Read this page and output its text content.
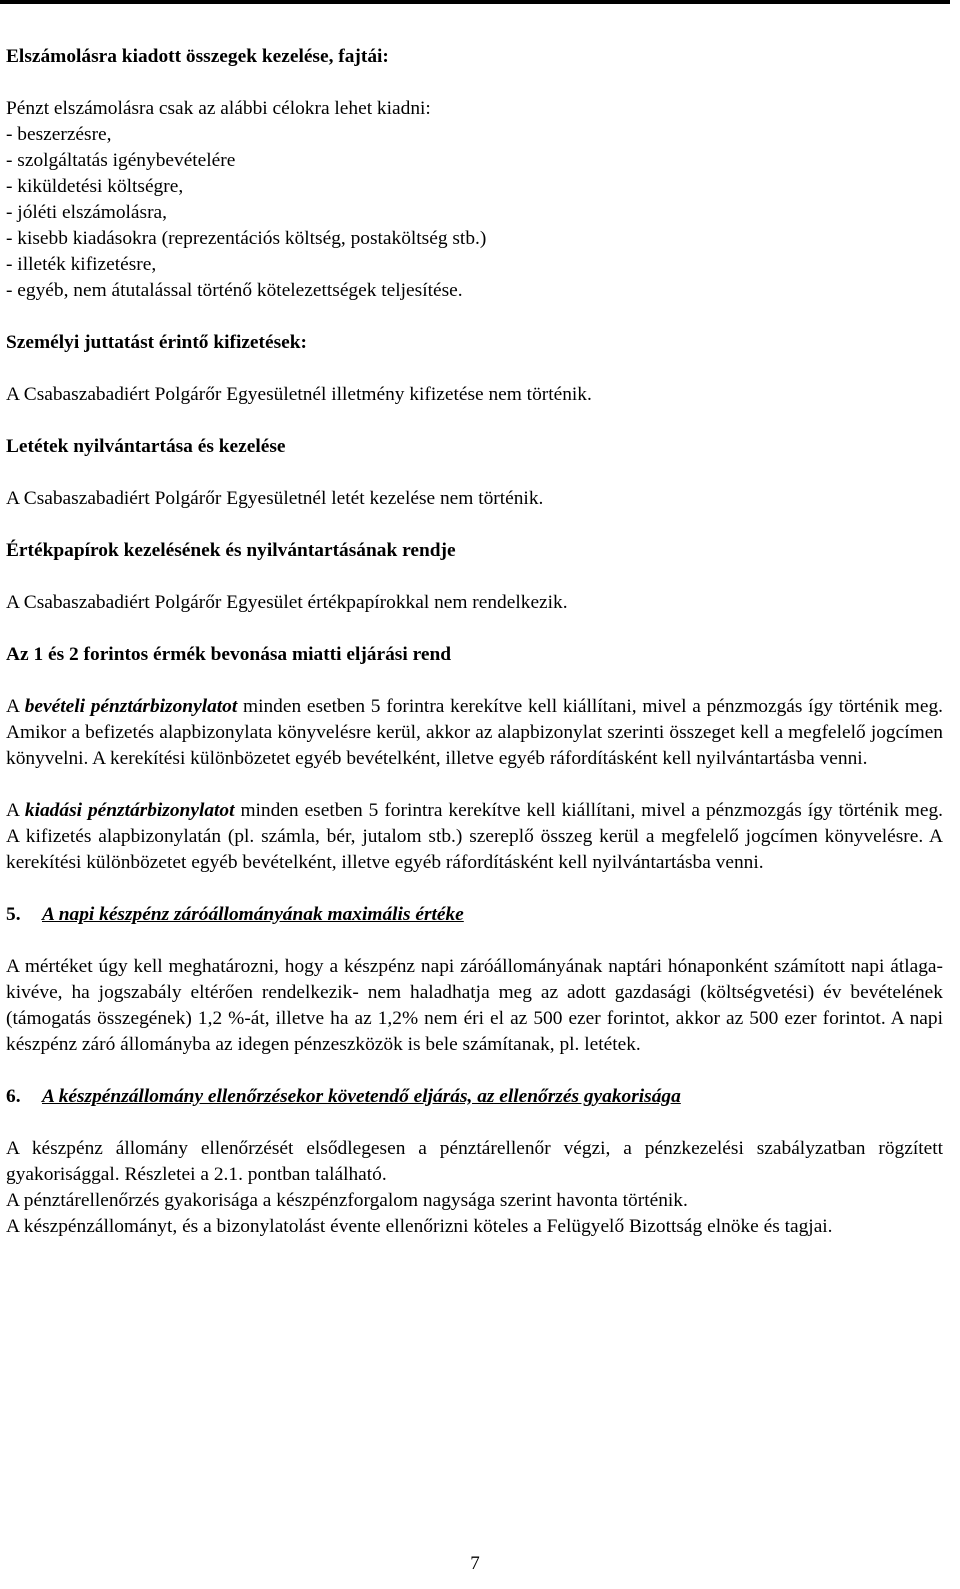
Elszámolásra kiadott összegek kezelése, fajtái:

Pénzt elszámolásra csak az alábbi célokra lehet kiadni:

- beszerzésre,

- szolgáltatás igénybevételére

- kiküldetési költségre,

- jóléti elszámolásra,

- kisebb kiadásokra (reprezentációs költség, postaköltség stb.)

- illeték kifizetésre,

- egyéb, nem átutalással történő kötelezettségek teljesítése.

Személyi juttatást érintő kifizetések:

A Csabaszabadiért Polgárőr Egyesületnél illetmény kifizetése nem történik.

Letétek nyilvántartása és kezelése

A Csabaszabadiért Polgárőr Egyesületnél letét kezelése nem történik.

Értékpapírok kezelésének és nyilvántartásának rendje

A Csabaszabadiért Polgárőr Egyesület értékpapírokkal nem rendelkezik.

Az 1 és 2 forintos érmék bevonása miatti eljárási rend

A bevételi pénztárbizonylatot minden esetben 5 forintra kerekítve kell kiállítani, mivel a pénzmozgás így történik meg. Amikor a befizetés alapbizonylata könyvelésre kerül, akkor az alapbizonylat szerinti összeget kell a megfelelő jogcímen könyvelni. A kerekítési különbözetet egyéb bevételként, illetve egyéb ráfordításként kell nyilvántartásba venni.

A kiadási pénztárbizonylatot minden esetben 5 forintra kerekítve kell kiállítani, mivel a pénzmozgás így történik meg. A kifizetés alapbizonylatán (pl. számla, bér, jutalom stb.) szereplő összeg kerül a megfelelő jogcímen könyvelésre. A kerekítési különbözetet egyéb bevételként, illetve egyéb ráfordításként kell nyilvántartásba venni.

5. A napi készpénz záróállományának maximális értéke

A mértéket úgy kell meghatározni, hogy a készpénz napi záróállományának naptári hónaponként számított napi átlaga- kivéve, ha jogszabály eltérően rendelkezik- nem haladhatja meg az adott gazdasági (költségvetési) év bevételének (támogatás összegének) 1,2 %-át, illetve ha az 1,2% nem éri el az 500 ezer forintot, akkor az 500 ezer forintot. A napi készpénz záró állományba az idegen pénzeszközök is bele számítanak, pl. letétek.

6. A készpénzállomány ellenőrzésekor követendő eljárás, az ellenőrzés gyakorisága

A készpénz állomány ellenőrzését elsődlegesen a pénztárellenőr végzi, a pénzkezelési szabályzatban rögzített gyakorisággal. Részletei a 2.1. pontban található.

A pénztárellenőrzés gyakorisága a készpénzforgalom nagysága szerint havonta történik.

A készpénzállományt, és a bizonylatolást évente ellenőrizni köteles a Felügyelő Bizottság elnöke és tagjai.

7
